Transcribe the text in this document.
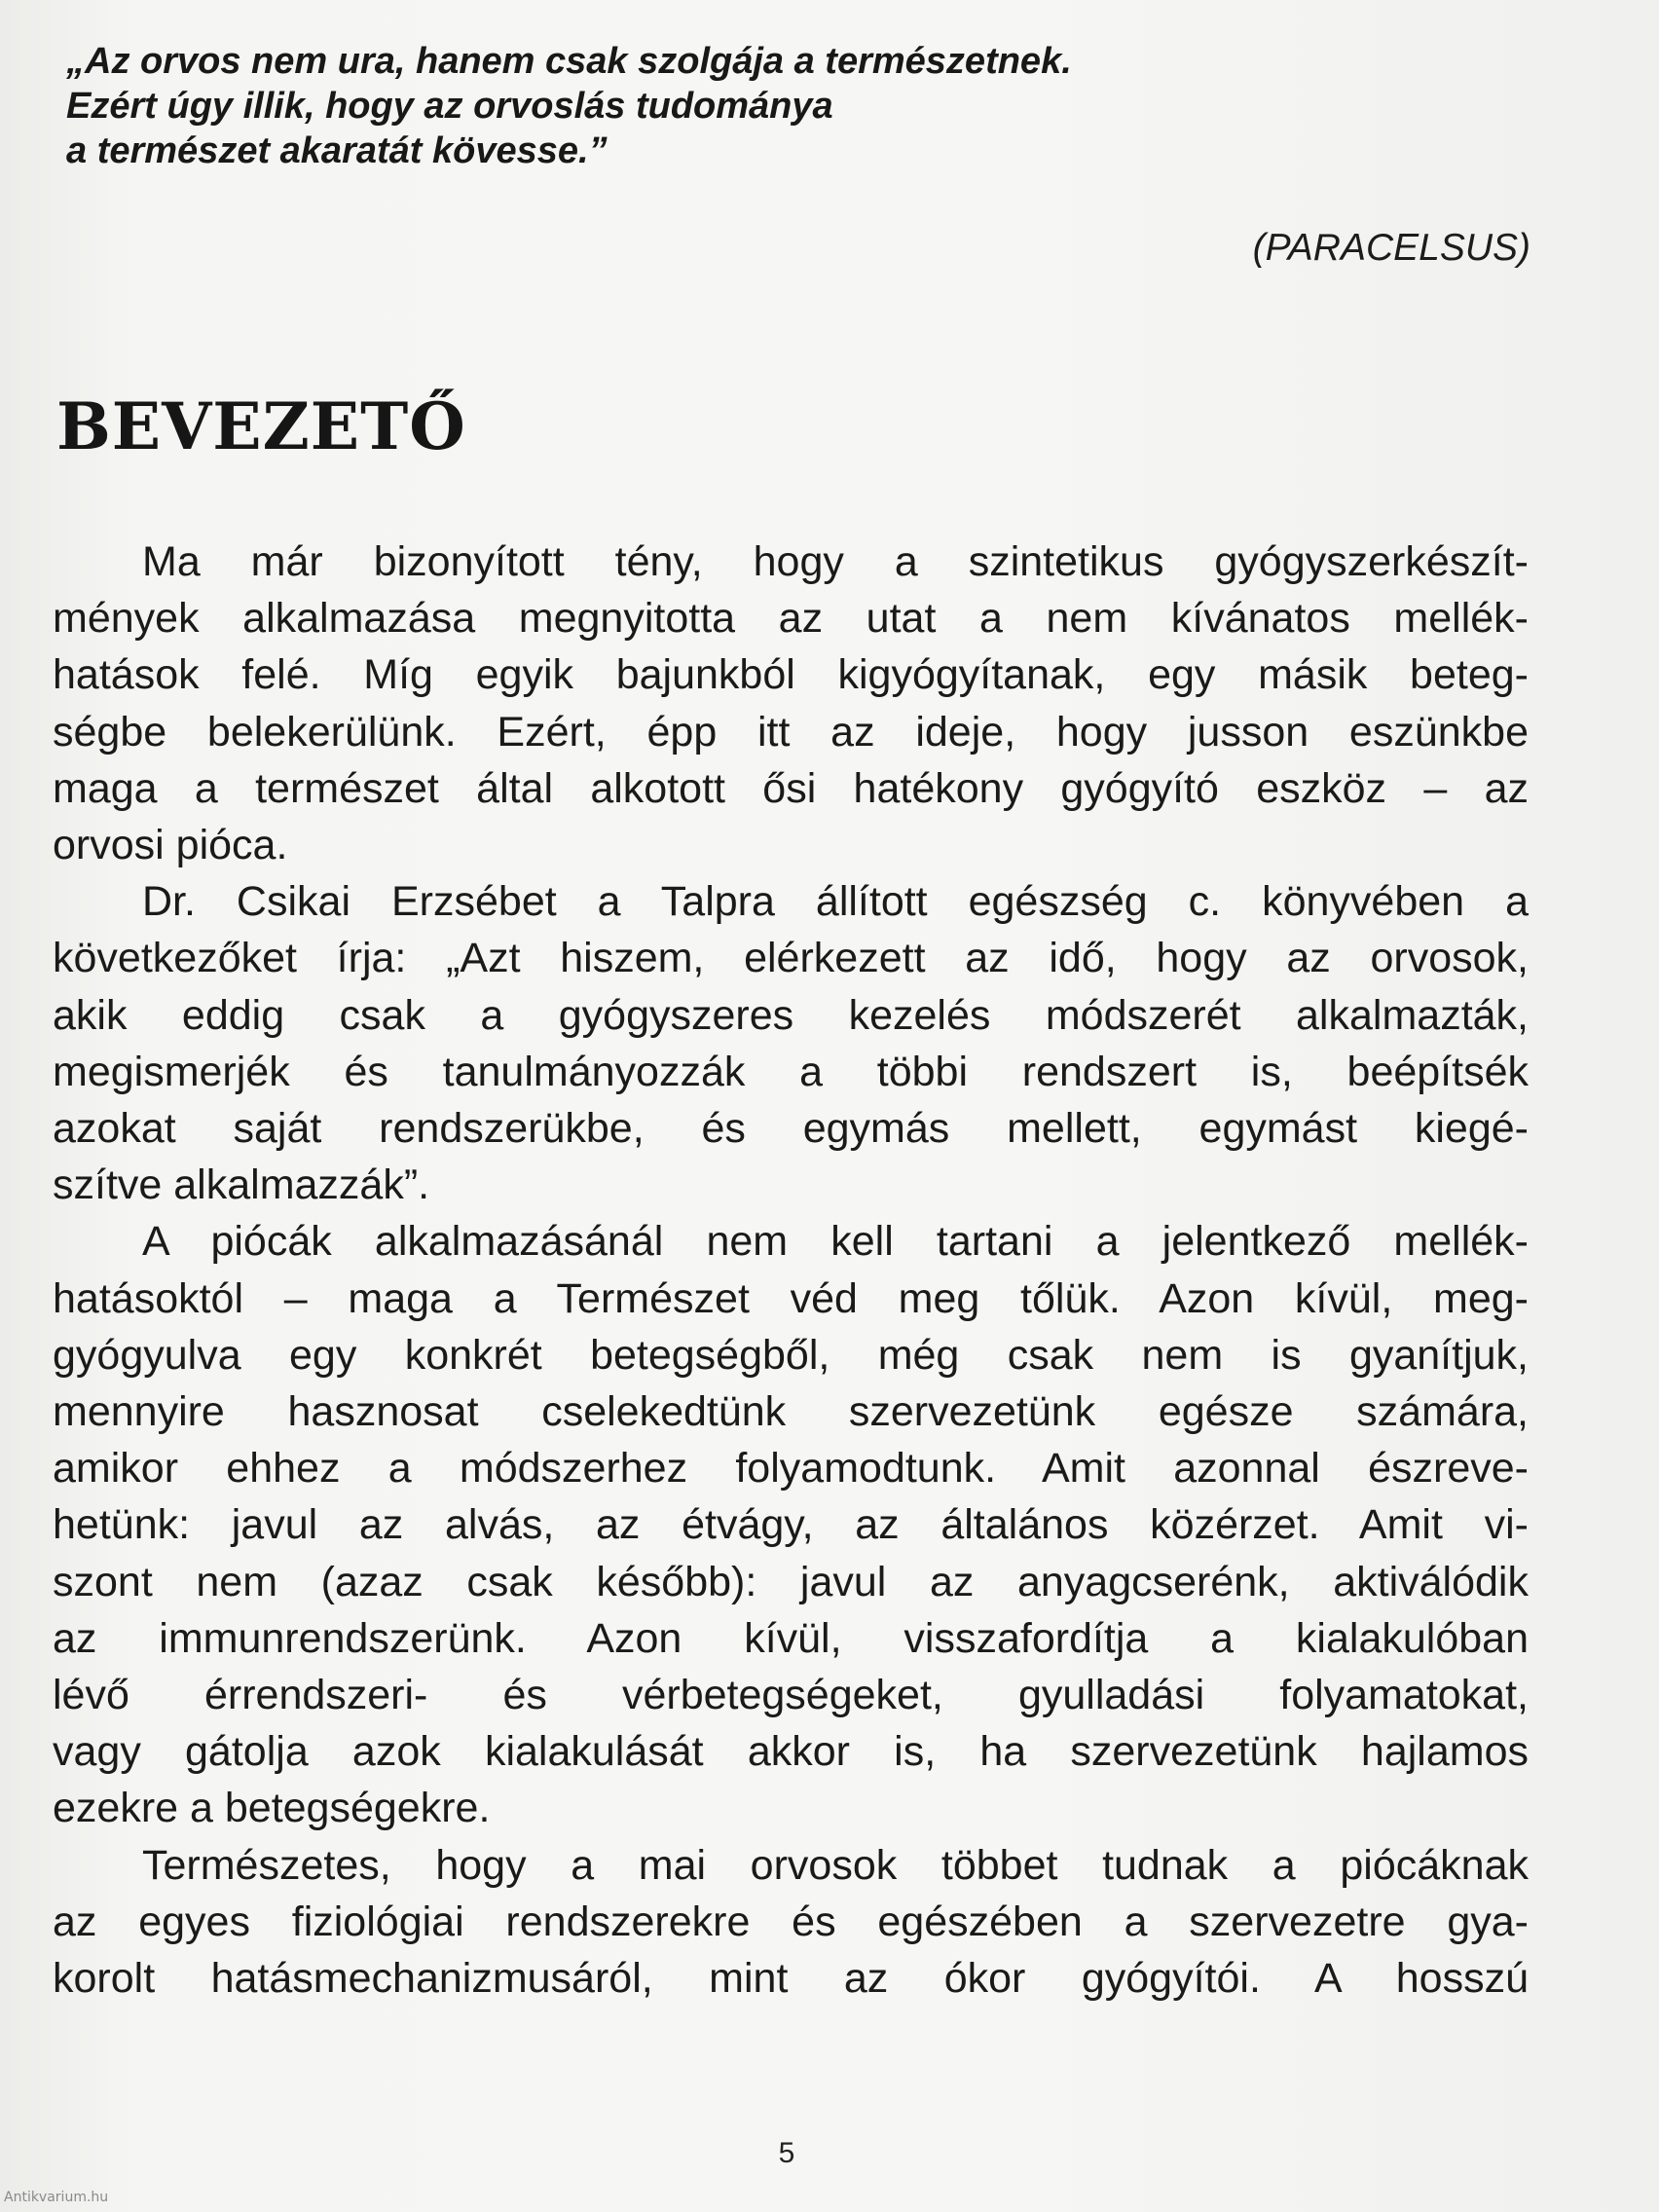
„Az orvos nem ura, hanem csak szolgája a természetnek.
Ezért úgy illik, hogy az orvoslás tudománya
a természet akaratát kövesse.”
(PARACELSUS)
BEVEZETŐ

Ma már bizonyított tény, hogy a szintetikus gyógyszerkészít-
mények alkalmazása megnyitotta az utat a nem kívánatos mellék-
hatások felé. Míg egyik bajunkból kigyógyítanak, egy másik beteg-
ségbe belekerülünk. Ezért, épp itt az ideje, hogy jusson eszünkbe
maga a természet által alkotott ősi hatékony gyógyító eszköz – az
orvosi pióca.

Dr. Csikai Erzsébet a Talpra állított egészség c. könyvében a
következőket írja: „Azt hiszem, elérkezett az idő, hogy az orvosok,
akik eddig csak a gyógyszeres kezelés módszerét alkalmazták,
megismerjék és tanulmányozzák a többi rendszert is, beépítsék
azokat saját rendszerükbe, és egymás mellett, egymást kiegé-
szítve alkalmazzák”.

A piócák alkalmazásánál nem kell tartani a jelentkező mellék-
hatásoktól – maga a Természet véd meg tőlük. Azon kívül, meg-
gyógyulva egy konkrét betegségből, még csak nem is gyanítjuk,
mennyire hasznosat cselekedtünk szervezetünk egésze számára,
amikor ehhez a módszerhez folyamodtunk. Amit azonnal észreve-
hetünk: javul az alvás, az étvágy, az általános közérzet. Amit vi-
szont nem (azaz csak később): javul az anyagcserénk, aktiválódik
az immunrendszerünk. Azon kívül, visszafordítja a kialakulóban
lévő érrendszeri- és vérbetegségeket, gyulladási folyamatokat,
vagy gátolja azok kialakulását akkor is, ha szervezetünk hajlamos
ezekre a betegségekre.

Természetes, hogy a mai orvosok többet tudnak a piócáknak
az egyes fiziológiai rendszerekre és egészében a szervezetre gya-
korolt hatásmechanizmusáról, mint az ókor gyógyítói. A hosszú

5
Antikvarium.hu
